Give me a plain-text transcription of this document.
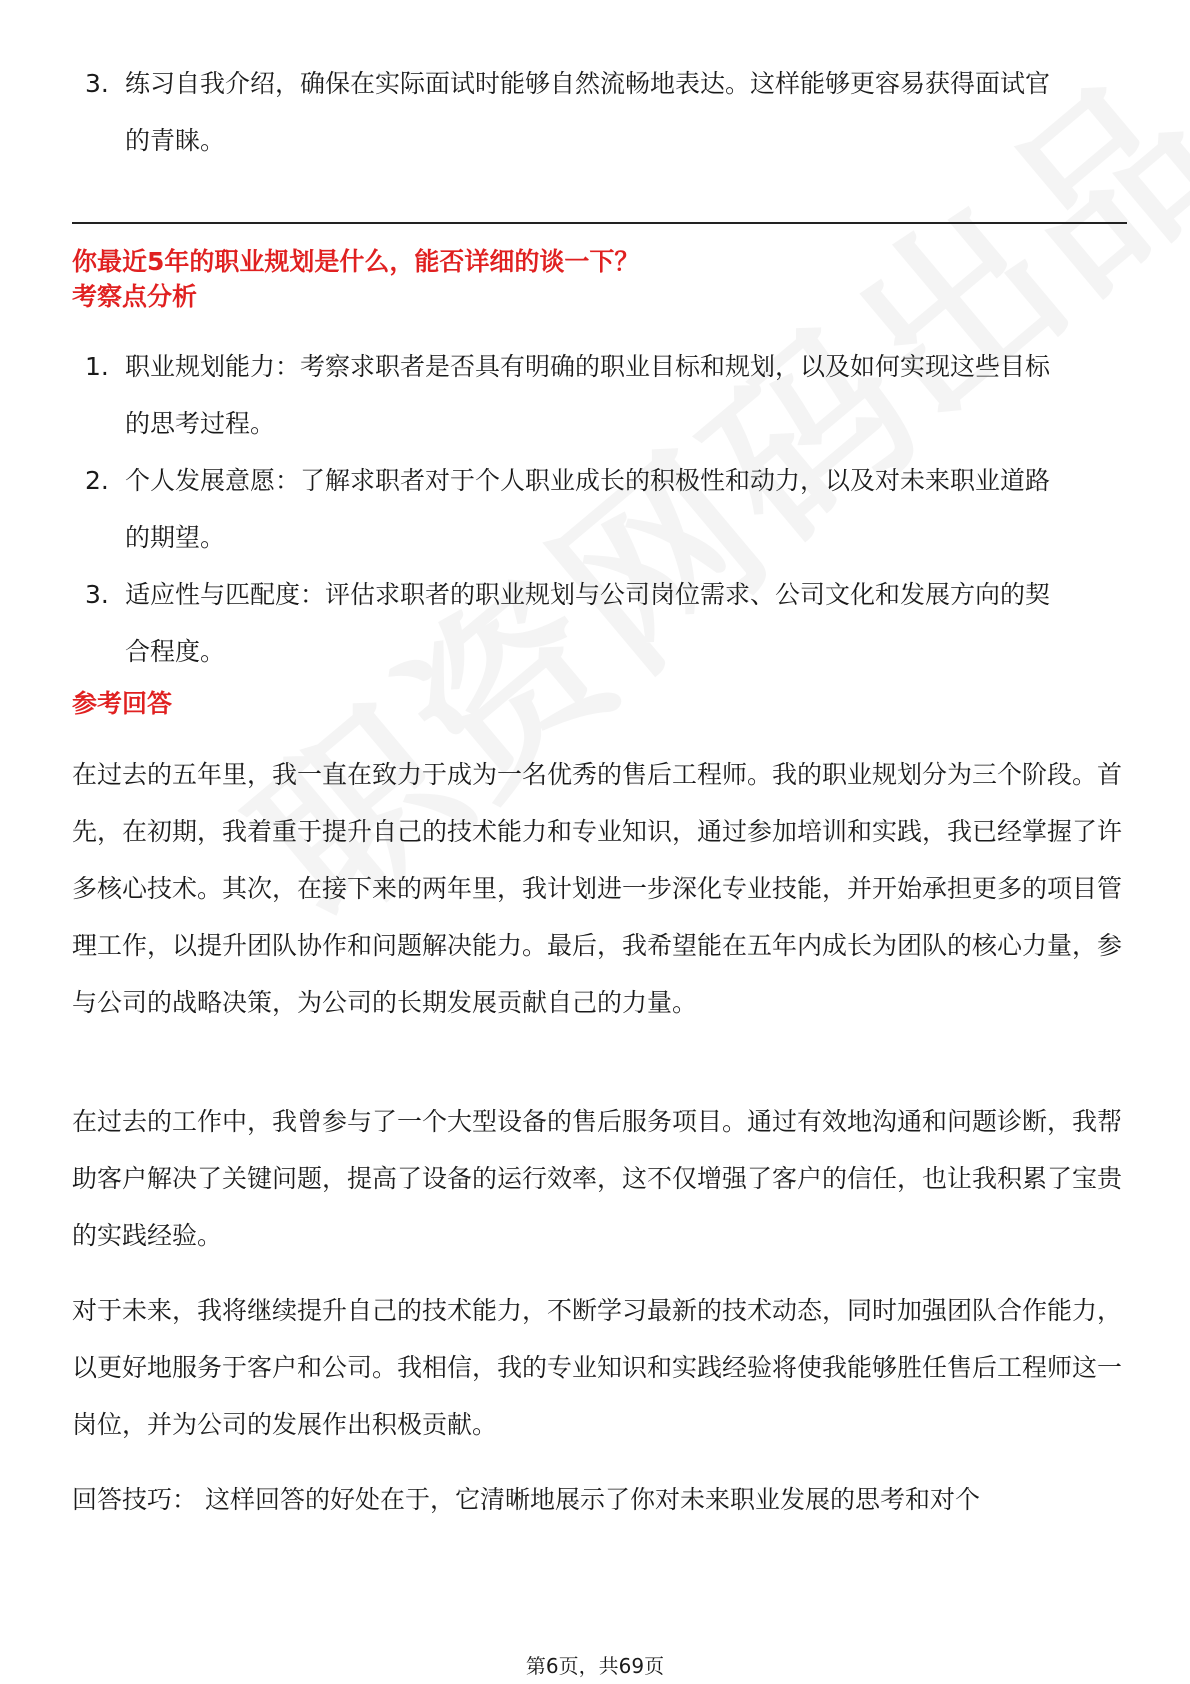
3. 练习自我介绍，确保在实际面试时能够自然流畅地表达。这样能够更容易获得面试官的青睐。
你最近5年的职业规划是什么，能否详细的谈一下？
考察点分析
1. 职业规划能力：考察求职者是否具有明确的职业目标和规划，以及如何实现这些目标的思考过程。
2. 个人发展意愿：了解求职者对于个人职业成长的积极性和动力，以及对未来职业道路的期望。
3. 适应性与匹配度：评估求职者的职业规划与公司岗位需求、公司文化和发展方向的契合程度。
参考回答
在过去的五年里，我一直在致力于成为一名优秀的售后工程师。我的职业规划分为三个阶段。首先，在初期，我着重于提升自己的技术能力和专业知识，通过参加培训和实践，我已经掌握了许多核心技术。其次，在接下来的两年里，我计划进一步深化专业技能，并开始承担更多的项目管理工作，以提升团队协作和问题解决能力。最后，我希望能在五年内成长为团队的核心力量，参与公司的战略决策，为公司的长期发展贡献自己的力量。
在过去的工作中，我曾参与了一个大型设备的售后服务项目。通过有效地沟通和问题诊断，我帮助客户解决了关键问题，提高了设备的运行效率，这不仅增强了客户的信任，也让我积累了宝贵的实践经验。
对于未来，我将继续提升自己的技术能力，不断学习最新的技术动态，同时加强团队合作能力，以更好地服务于客户和公司。我相信，我的专业知识和实践经验将使我能够胜任售后工程师这一岗位，并为公司的发展作出积极贡献。
回答技巧： 这样回答的好处在于，它清晰地展示了你对未来职业发展的思考和对个
第6页，共69页
